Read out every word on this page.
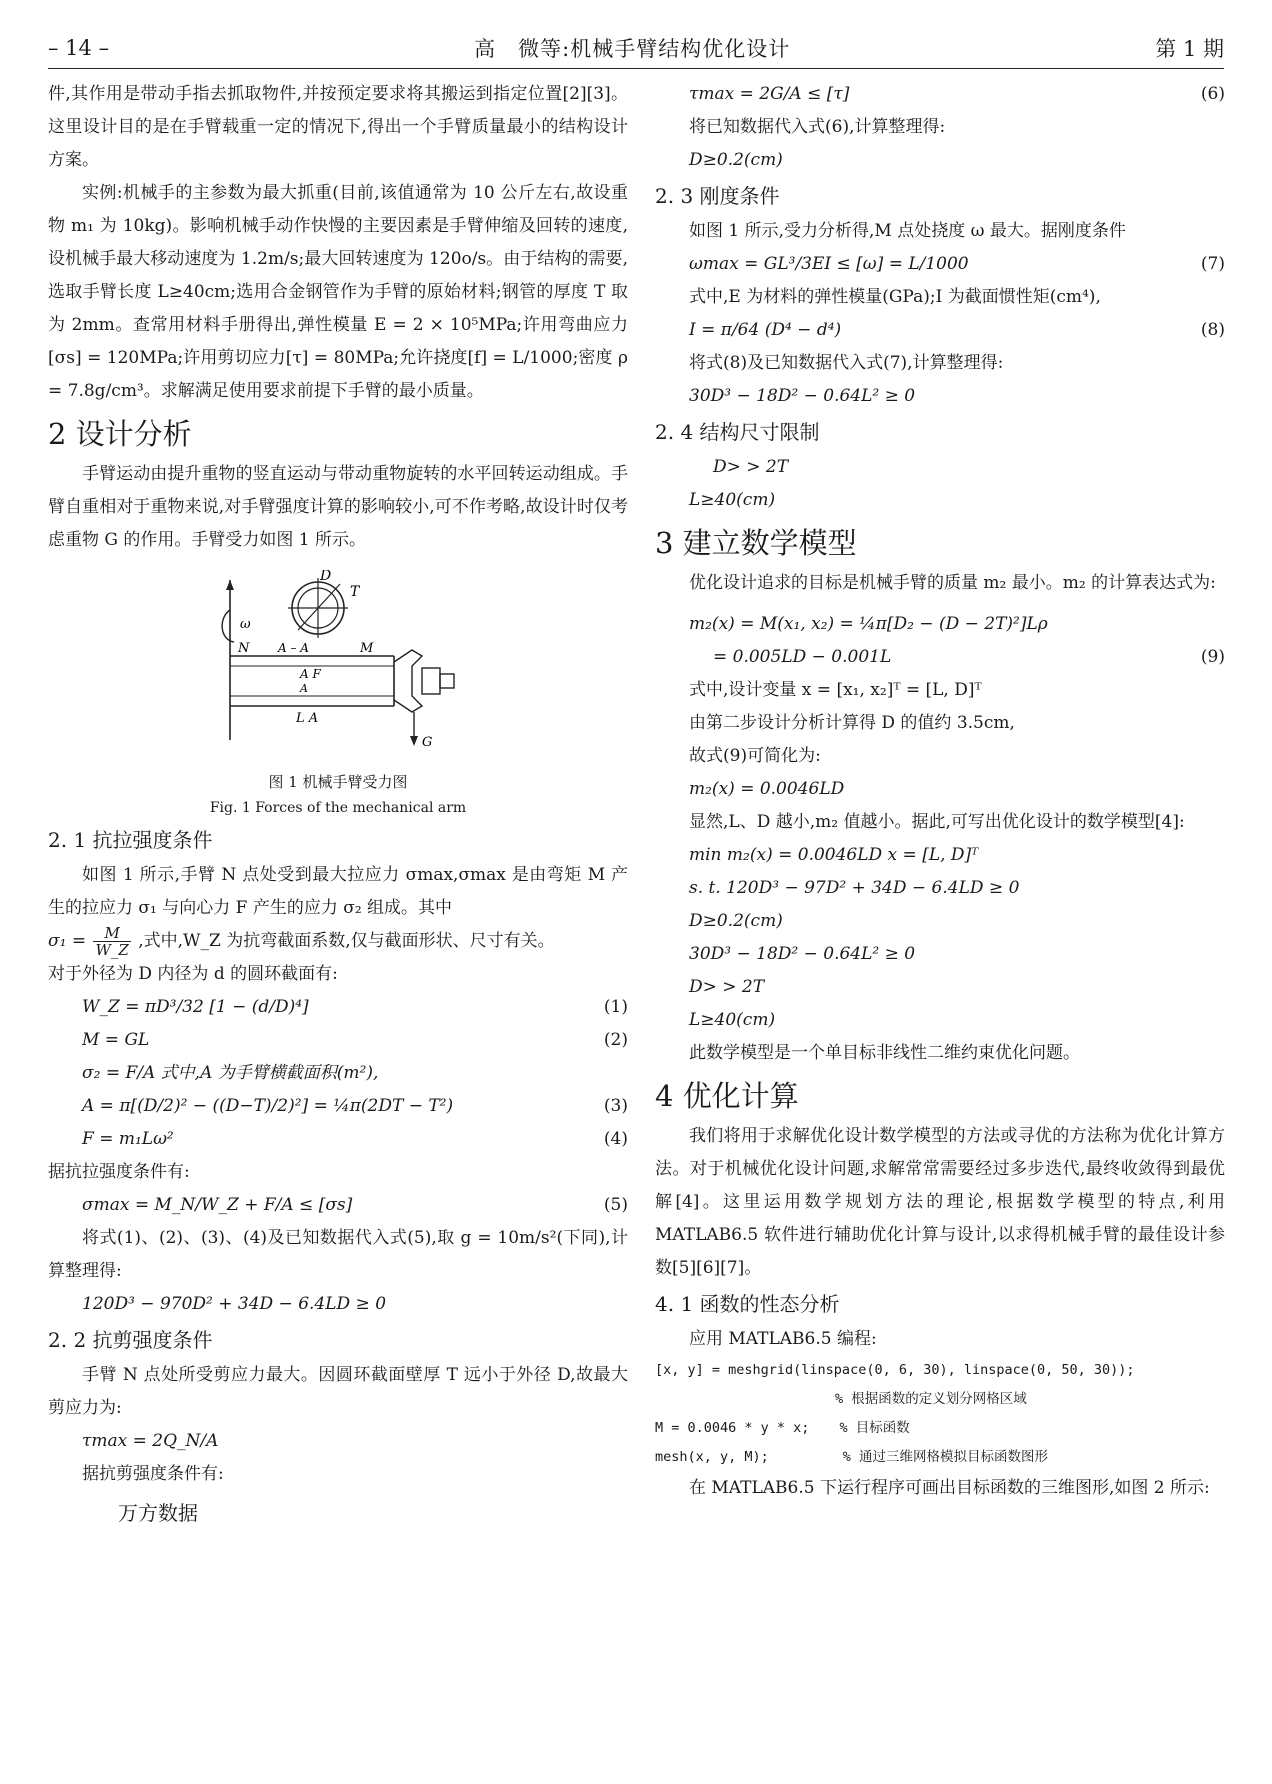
– 14 –	高　微等:机械手臂结构优化设计	第 1 期

件,其作用是带动手指去抓取物件,并按预定要求将其搬运到指定位置[2][3]。这里设计目的是在手臂载重一定的情况下,得出一个手臂质量最小的结构设计方案。

实例:机械手的主参数为最大抓重(目前,该值通常为 10 公斤左右,故设重物 m₁ 为 10kg)。影响机械手动作快慢的主要因素是手臂伸缩及回转的速度,设机械手最大移动速度为 1.2m/s;最大回转速度为 120o/s。由于结构的需要,选取手臂长度 L≥40cm;选用合金钢管作为手臂的原始材料;钢管的厚度 T 取为 2mm。查常用材料手册得出,弹性模量 E = 2 × 10⁵MPa;许用弯曲应力[σs] = 120MPa;许用剪切应力[τ] = 80MPa;允许挠度[f] = L/1000;密度 ρ = 7.8g/cm³。求解满足使用要求前提下手臂的最小质量。

2 设计分析

手臂运动由提升重物的竖直运动与带动重物旋转的水平回转运动组成。手臂自重相对于重物来说,对手臂强度计算的影响较小,可不作考略,故设计时仅考虑重物 G 的作用。手臂受力如图 1 所示。

D
T
ω
N A – A	M
A F
A
L A
G
图 1 机械手臂受力图
Fig. 1 Forces of the mechanical arm
2. 1 抗拉强度条件

如图 1 所示,手臂 N 点处受到最大拉应力 σmax,σmax 是由弯矩 M 产生的拉应力 σ₁ 与向心力 F 产生的应力 σ₂ 组成。其中

$\sigma_1 = \frac{M}{W\_Z}$ ,式中,W_Z 为抗弯截面系数,仅与截面形状、尺寸有关。

对于外径为 D 内径为 d 的圆环截面有:

W_Z = πD³/32 [1 − (d/D)⁴]	(1)
M = GL	(2)
σ₂ = F/A 式中,A 为手臂横截面积(m²),
A = π[(D/2)² − ((D−T)/2)²] = ¼π(2DT − T²)	(3)
F = m₁Lω²	(4)

据抗拉强度条件有:

σmax = M_N/W_Z + F/A ≤ [σs]	(5)

将式(1)、(2)、(3)、(4)及已知数据代入式(5),取 g = 10m/s²(下同),计算整理得:

120D³ − 970D² + 34D − 6.4LD ≥ 0
2. 2 抗剪强度条件

手臂 N 点处所受剪应力最大。因圆环截面壁厚 T 远小于外径 D,故最大剪应力为:

τmax = 2Q_N/A

据抗剪强度条件有:

万方数据
τmax = 2G/A ≤ [τ]	(6)

将已知数据代入式(6),计算整理得:

D≥0.2(cm)
2. 3 刚度条件

如图 1 所示,受力分析得,M 点处挠度 ω 最大。据刚度条件

ωmax = GL³/3EI ≤ [ω] = L/1000	(7)

式中,E 为材料的弹性模量(GPa);I 为截面惯性矩(cm⁴),

I = π/64 (D⁴ − d⁴)	(8)

将式(8)及已知数据代入式(7),计算整理得:

30D³ − 18D² − 0.64L² ≥ 0
2. 4 结构尺寸限制
D> > 2T
L≥40(cm)
3 建立数学模型

优化设计追求的目标是机械手臂的质量 m₂ 最小。m₂ 的计算表达式为:

m₂(x) = M(x₁, x₂) = ¼π[D₂ − (D − 2T)²]Lρ
= 0.005LD − 0.001L	(9)

式中,设计变量 x = [x₁, x₂]ᵀ = [L, D]ᵀ

由第二步设计分析计算得 D 的值约 3.5cm,

故式(9)可简化为:

m₂(x) = 0.0046LD

显然,L、D 越小,m₂ 值越小。据此,可写出优化设计的数学模型[4]:

min m₂(x) = 0.0046LD x = [L, D]ᵀ
s. t. 120D³ − 97D² + 34D − 6.4LD ≥ 0
D≥0.2(cm)
30D³ − 18D² − 0.64L² ≥ 0
D> > 2T
L≥40(cm)

此数学模型是一个单目标非线性二维约束优化问题。

4 优化计算

我们将用于求解优化设计数学模型的方法或寻优的方法称为优化计算方法。对于机械优化设计问题,求解常常需要经过多步迭代,最终收敛得到最优解[4]。这里运用数学规划方法的理论,根据数学模型的特点,利用 MATLAB6.5 软件进行辅助优化计算与设计,以求得机械手臂的最佳设计参数[5][6][7]。

4. 1 函数的性态分析

应用 MATLAB6.5 编程:

[x, y] = meshgrid(linspace(0, 6, 30), linspace(0, 50, 30));
% 根据函数的定义划分网格区域
M = 0.0046 * y * x; % 目标函数
mesh(x, y, M);	% 通过三维网格模拟目标函数图形

在 MATLAB6.5 下运行程序可画出目标函数的三维图形,如图 2 所示:
